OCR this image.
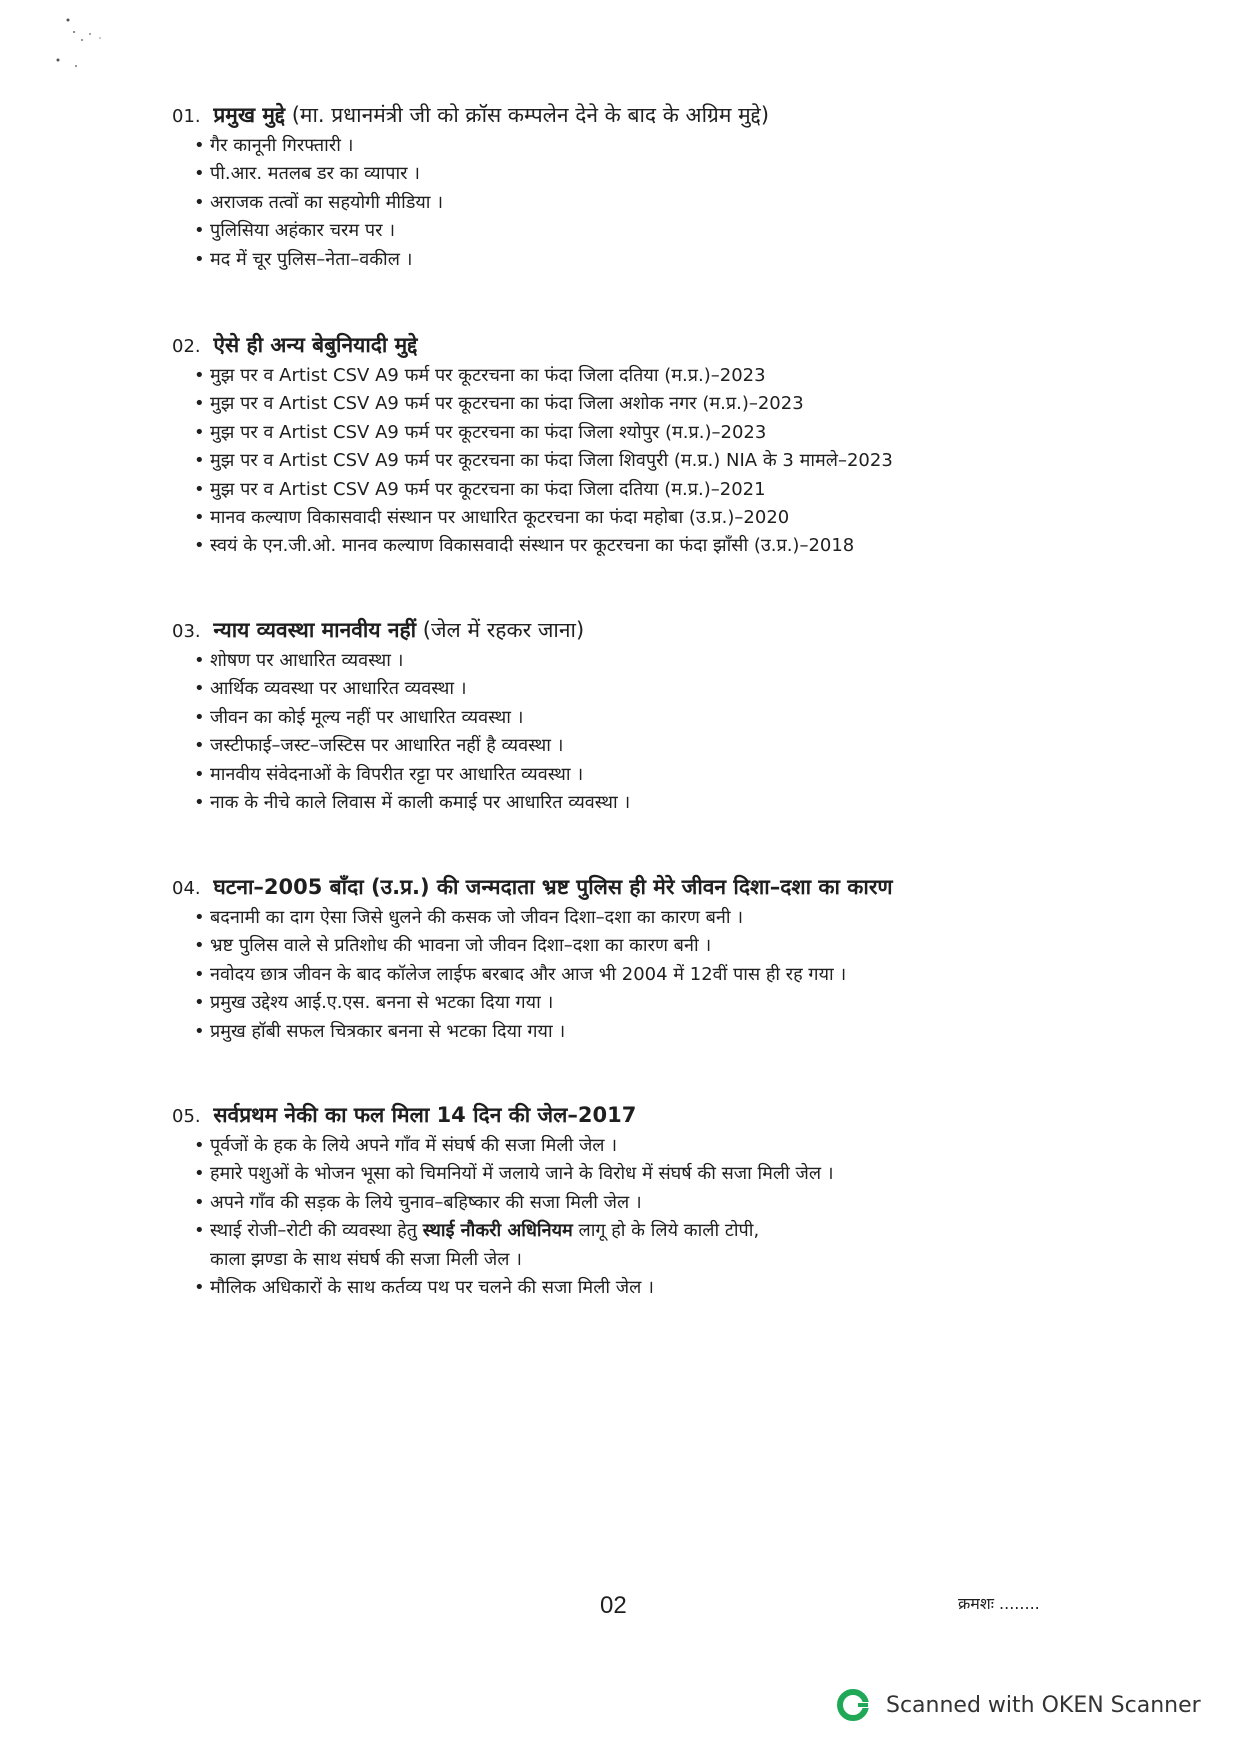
01. प्रमुख मुद्दे (मा. प्रधानमंत्री जी को क्रॉस कम्पलेन देने के बाद के अग्रिम मुद्दे)
• गैर कानूनी गिरफ्तारी ।
• पी.आर. मतलब डर का व्यापार ।
• अराजक तत्वों का सहयोगी मीडिया ।
• पुलिसिया अहंकार चरम पर ।
• मद में चूर पुलिस–नेता–वकील ।
02. ऐसे ही अन्य बेबुनियादी मुद्दे
• मुझ पर व Artist CSV A9 फर्म पर कूटरचना का फंदा जिला दतिया (म.प्र.)–2023
• मुझ पर व Artist CSV A9 फर्म पर कूटरचना का फंदा जिला अशोक नगर (म.प्र.)–2023
• मुझ पर व Artist CSV A9 फर्म पर कूटरचना का फंदा जिला श्योपुर (म.प्र.)–2023
• मुझ पर व Artist CSV A9 फर्म पर कूटरचना का फंदा जिला शिवपुरी (म.प्र.) NIA के 3 मामले–2023
• मुझ पर व Artist CSV A9 फर्म पर कूटरचना का फंदा जिला दतिया (म.प्र.)–2021
• मानव कल्याण विकासवादी संस्थान पर आधारित कूटरचना का फंदा महोबा (उ.प्र.)–2020
• स्वयं के एन.जी.ओ. मानव कल्याण विकासवादी संस्थान पर कूटरचना का फंदा झाँसी (उ.प्र.)–2018
03. न्याय व्यवस्था मानवीय नहीं (जेल में रहकर जाना)
• शोषण पर आधारित व्यवस्था ।
• आर्थिक व्यवस्था पर आधारित व्यवस्था ।
• जीवन का कोई मूल्य नहीं पर आधारित व्यवस्था ।
• जस्टीफाई–जस्ट–जस्टिस पर आधारित नहीं है व्यवस्था ।
• मानवीय संवेदनाओं के विपरीत रट्टा पर आधारित व्यवस्था ।
• नाक के नीचे काले लिवास में काली कमाई पर आधारित व्यवस्था ।
04. घटना–2005 बाँदा (उ.प्र.) की जन्मदाता भ्रष्ट पुलिस ही मेरे जीवन दिशा–दशा का कारण
• बदनामी का दाग ऐसा जिसे धुलने की कसक जो जीवन दिशा–दशा का कारण बनी ।
• भ्रष्ट पुलिस वाले से प्रतिशोध की भावना जो जीवन दिशा–दशा का कारण बनी ।
• नवोदय छात्र जीवन के बाद कॉलेज लाईफ बरबाद और आज भी 2004 में 12वीं पास ही रह गया ।
• प्रमुख उद्देश्य आई.ए.एस. बनना से भटका दिया गया ।
• प्रमुख हॉबी सफल चित्रकार बनना से भटका दिया गया ।
05. सर्वप्रथम नेकी का फल मिला 14 दिन की जेल–2017
• पूर्वजों के हक के लिये अपने गाँव में संघर्ष की सजा मिली जेल ।
• हमारे पशुओं के भोजन भूसा को चिमनियों में जलाये जाने के विरोध में संघर्ष की सजा मिली जेल ।
• अपने गाँव की सड़क के लिये चुनाव–बहिष्कार की सजा मिली जेल ।
• स्थाई रोजी–रोटी की व्यवस्था हेतु स्थाई नौकरी अधिनियम लागू हो के लिये काली टोपी,
काला झण्डा के साथ संघर्ष की सजा मिली जेल ।
• मौलिक अधिकारों के साथ कर्तव्य पथ पर चलने की सजा मिली जेल ।
02	क्रमशः ........
Scanned with OKEN Scanner
